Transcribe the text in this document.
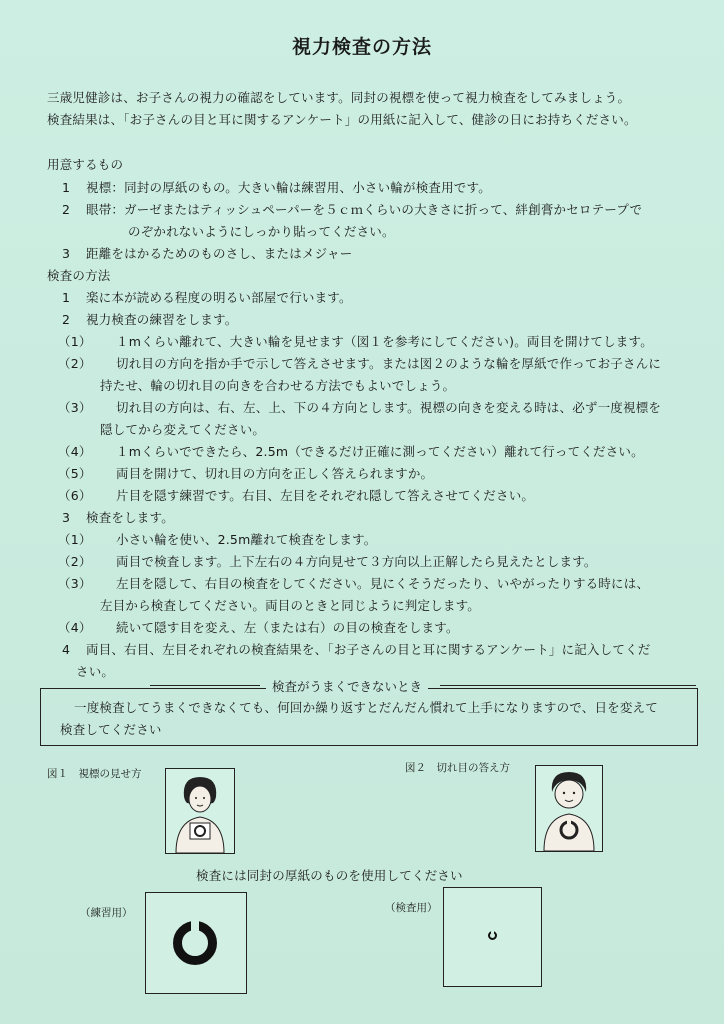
視力検査の方法
三歳児健診は、お子さんの視力の確認をしています。同封の視標を使って視力検査をしてみましょう。
検査結果は、「お子さんの目と耳に関するアンケート」の用紙に記入して、健診の日にお持ちください。
用意するもの
1 視標：同封の厚紙のもの。大きい輪は練習用、小さい輪が検査用です。
2 眼帯：ガーゼまたはティッシュペーパーを５ｃｍくらいの大きさに折って、絆創膏かセロテープで
のぞかれないようにしっかり貼ってください。
3 距離をはかるためのものさし、またはメジャー
検査の方法
1 楽に本が読める程度の明るい部屋で行います。
2 視力検査の練習をします。
（1） １mくらい離れて、大きい輪を見せます（図１を参考にしてください)。両目を開けてします。
（2） 切れ目の方向を指か手で示して答えさせます。または図２のような輪を厚紙で作ってお子さんに
持たせ、輪の切れ目の向きを合わせる方法でもよいでしょう。
（3） 切れ目の方向は、右、左、上、下の４方向とします。視標の向きを変える時は、必ず一度視標を
隠してから変えてください。
（4） １mくらいでできたら、2.5m（できるだけ正確に測ってください）離れて行ってください。
（5） 両目を開けて、切れ目の方向を正しく答えられますか。
（6） 片目を隠す練習です。右目、左目をそれぞれ隠して答えさせてください。
3 検査をします。
（1） 小さい輪を使い、2.5m離れて検査をします。
（2） 両目で検査します。上下左右の４方向見せて３方向以上正解したら見えたとします。
（3） 左目を隠して、右目の検査をしてください。見にくそうだったり、いやがったりする時には、
左目から検査してください。両目のときと同じように判定します。
（4） 続いて隠す目を変え、左（または右）の目の検査をします。
4 両目、右目、左目それぞれの検査結果を、「お子さんの目と耳に関するアンケート」に記入してくだ
さい。
検査がうまくできないとき
一度検査してうまくできなくても、何回か繰り返すとだんだん慣れて上手になりますので、日を変えて
検査してください
図１　視標の見せ方	図２　切れ目の答え方
検査には同封の厚紙のものを使用してください
（練習用）	（検査用）
